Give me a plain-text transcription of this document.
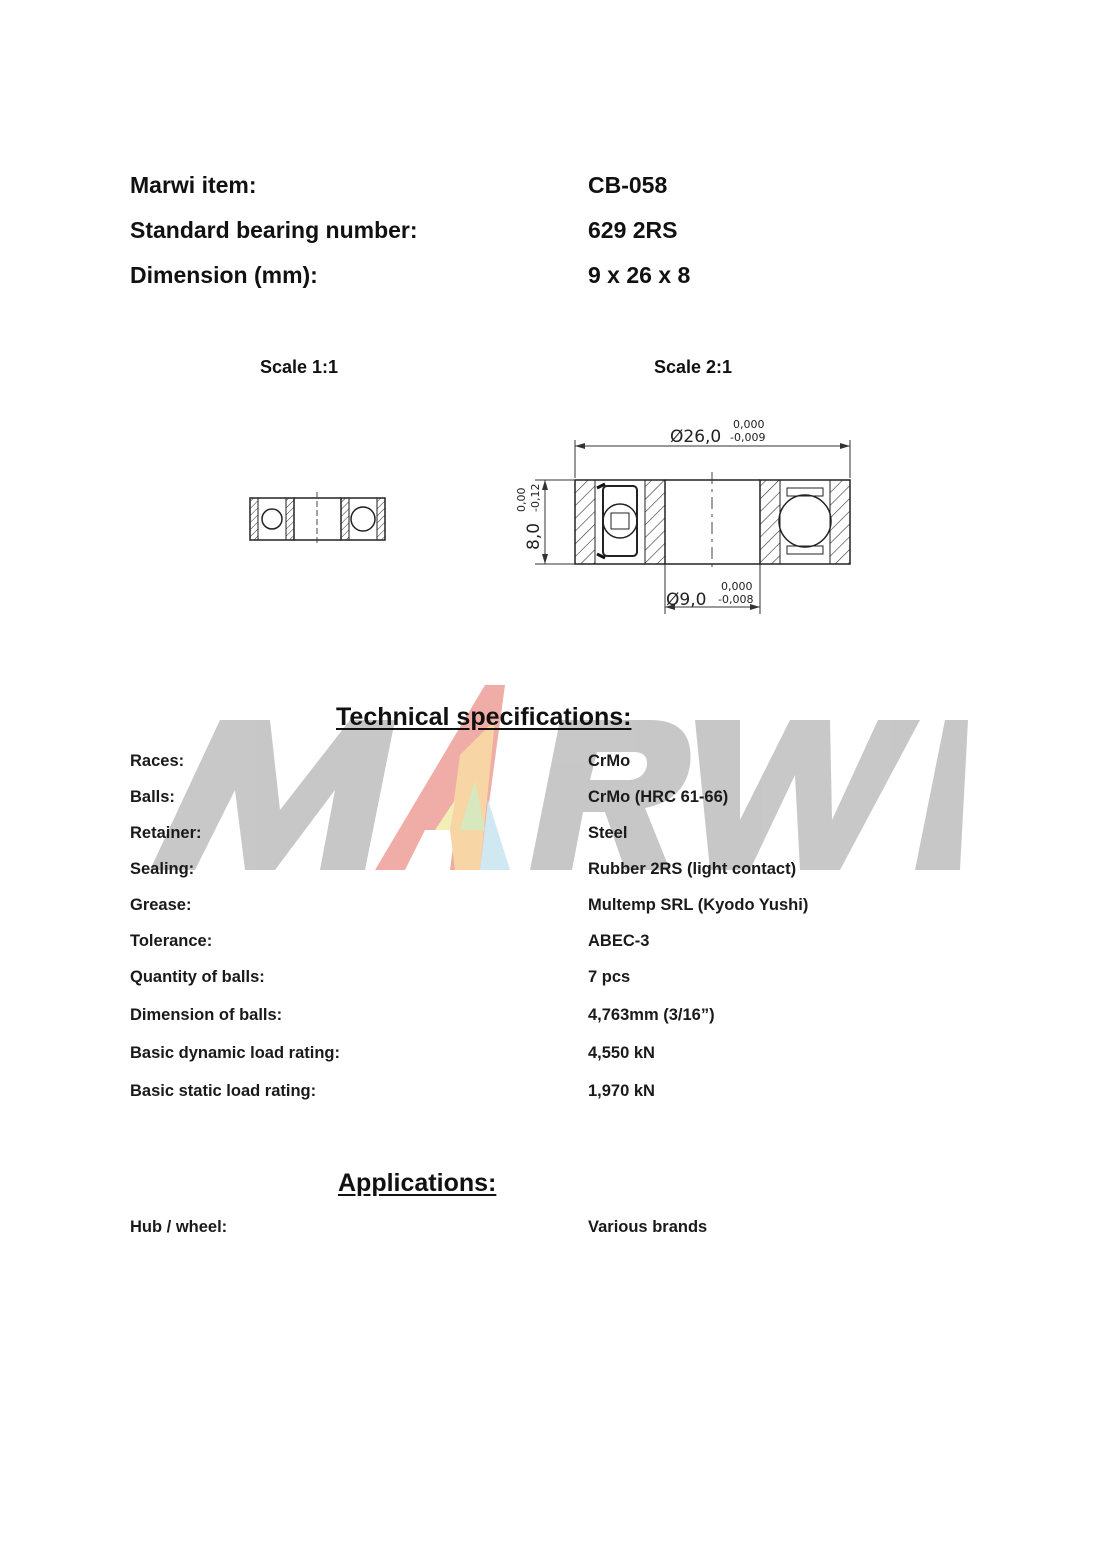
Marwi item:	CB-058
Standard bearing number:	629 2RS
Dimension (mm):	9 x 26 x 8
Scale 1:1	Scale 2:1
Ø26,0
0,000
-0,009
8,0
0,00 -0,12
Ø9,0
0,000
-0,008
Technical specifications:
Races:	CrMo
Balls:	CrMo (HRC 61-66)
Retainer:	Steel
Sealing:	Rubber 2RS (light contact)
Grease:	Multemp SRL (Kyodo Yushi)
Tolerance:	ABEC-3
Quantity of balls:	7 pcs
Dimension of balls:	4,763mm (3/16”)
Basic dynamic load rating:	4,550 kN
Basic static load rating:	1,970 kN
Applications:
Hub / wheel:	Various brands
